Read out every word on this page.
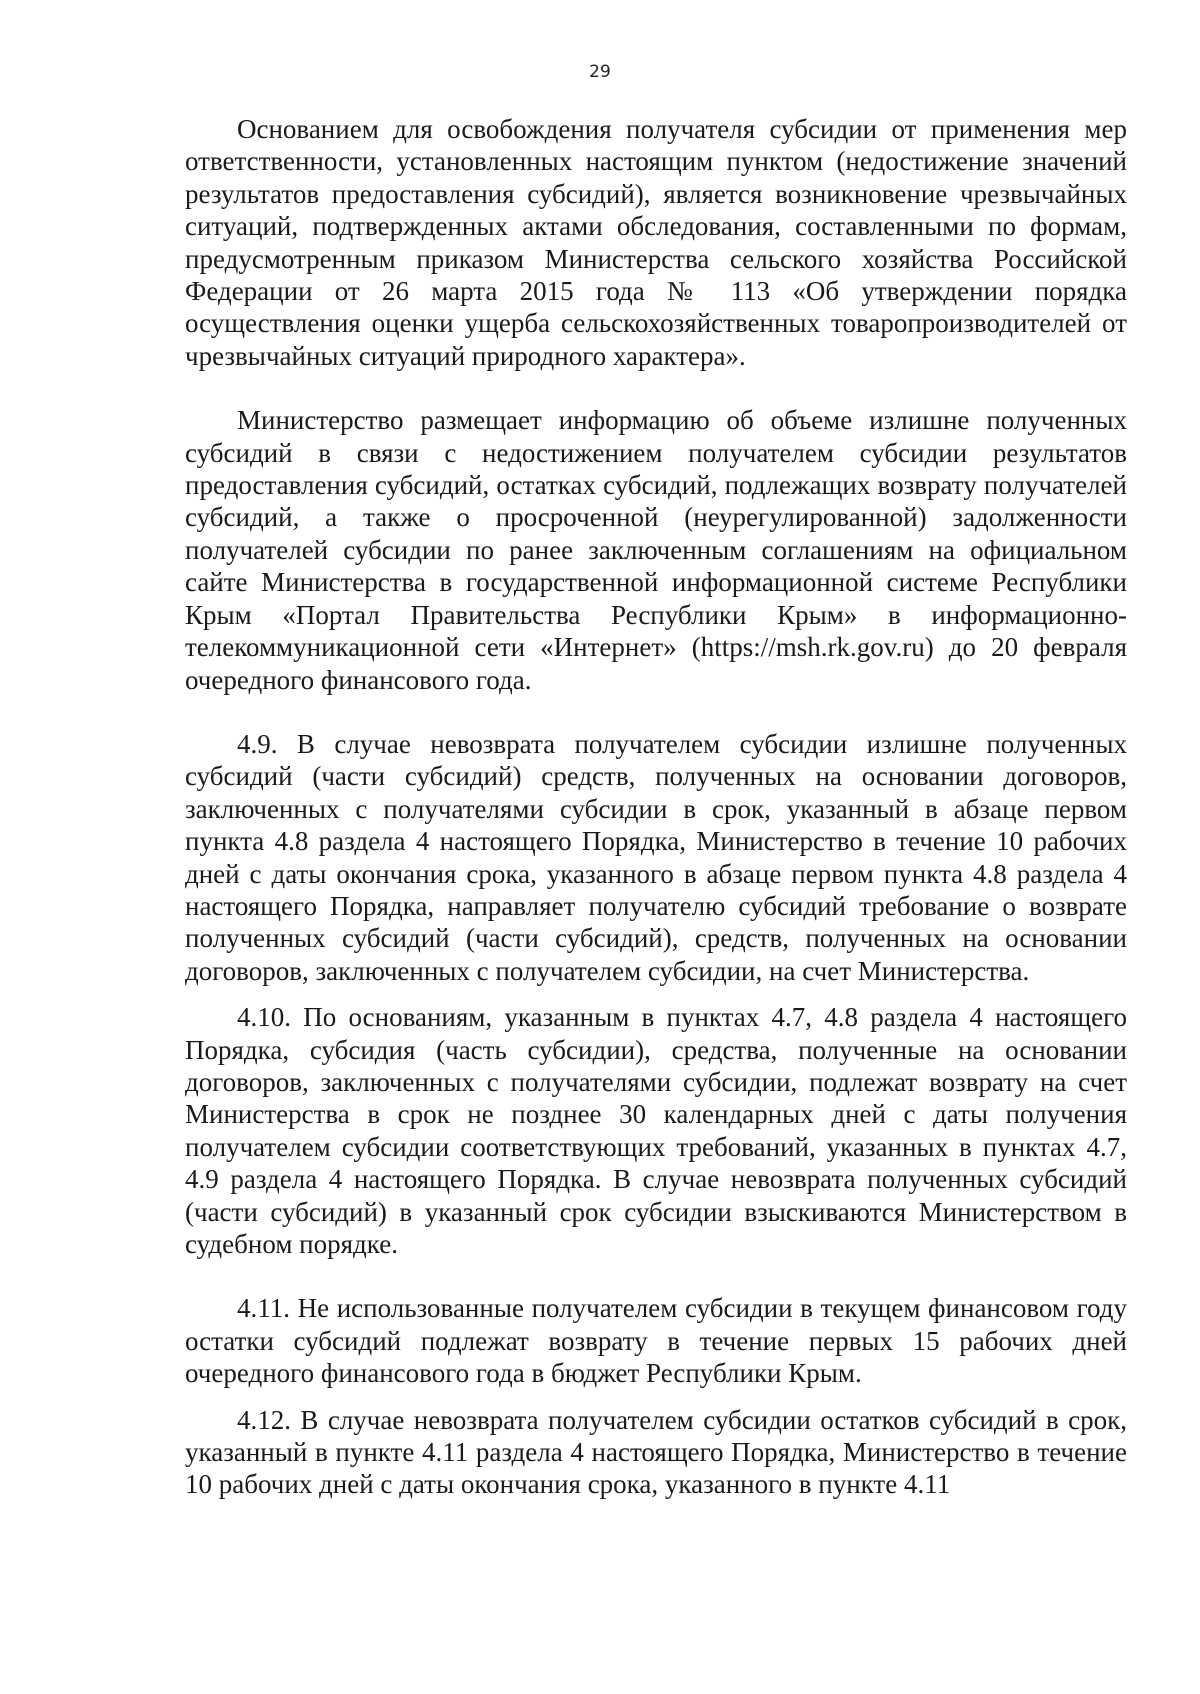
29

Основанием для освобождения получателя субсидии от применения мер ответственности, установленных настоящим пунктом (недостижение значений результатов предоставления субсидий), является возникновение чрезвычайных ситуаций, подтвержденных актами обследования, составленными по формам, предусмотренным приказом Министерства сельского хозяйства Российской Федерации от 26 марта 2015 года № 113 «Об утверждении порядка осуществления оценки ущерба сельскохозяйственных товаропроизводителей от чрезвычайных ситуаций природного характера».

Министерство размещает информацию об объеме излишне полученных субсидий в связи с недостижением получателем субсидии результатов предоставления субсидий, остатках субсидий, подлежащих возврату получателей субсидий, а также о просроченной (неурегулированной) задолженности получателей субсидии по ранее заключенным соглашениям на официальном сайте Министерства в государственной информационной системе Республики Крым «Портал Правительства Республики Крым» в информационно-телекоммуникационной сети «Интернет» (https://msh.rk.gov.ru) до 20 февраля очередного финансового года.

4.9. В случае невозврата получателем субсидии излишне полученных субсидий (части субсидий) средств, полученных на основании договоров, заключенных с получателями субсидии в срок, указанный в абзаце первом пункта 4.8 раздела 4 настоящего Порядка, Министерство в течение 10 рабочих дней с даты окончания срока, указанного в абзаце первом пункта 4.8 раздела 4 настоящего Порядка, направляет получателю субсидий требование о возврате полученных субсидий (части субсидий), средств, полученных на основании договоров, заключенных с получателем субсидии, на счет Министерства.

4.10. По основаниям, указанным в пунктах 4.7, 4.8 раздела 4 настоящего Порядка, субсидия (часть субсидии), средства, полученные на основании договоров, заключенных с получателями субсидии, подлежат возврату на счет Министерства в срок не позднее 30 календарных дней с даты получения получателем субсидии соответствующих требований, указанных в пунктах 4.7, 4.9 раздела 4 настоящего Порядка. В случае невозврата полученных субсидий (части субсидий) в указанный срок субсидии взыскиваются Министерством в судебном порядке.

4.11. Не использованные получателем субсидии в текущем финансовом году остатки субсидий подлежат возврату в течение первых 15 рабочих дней очередного финансового года в бюджет Республики Крым.

4.12. В случае невозврата получателем субсидии остатков субсидий в срок, указанный в пункте 4.11 раздела 4 настоящего Порядка, Министерство в течение 10 рабочих дней с даты окончания срока, указанного в пункте 4.11
